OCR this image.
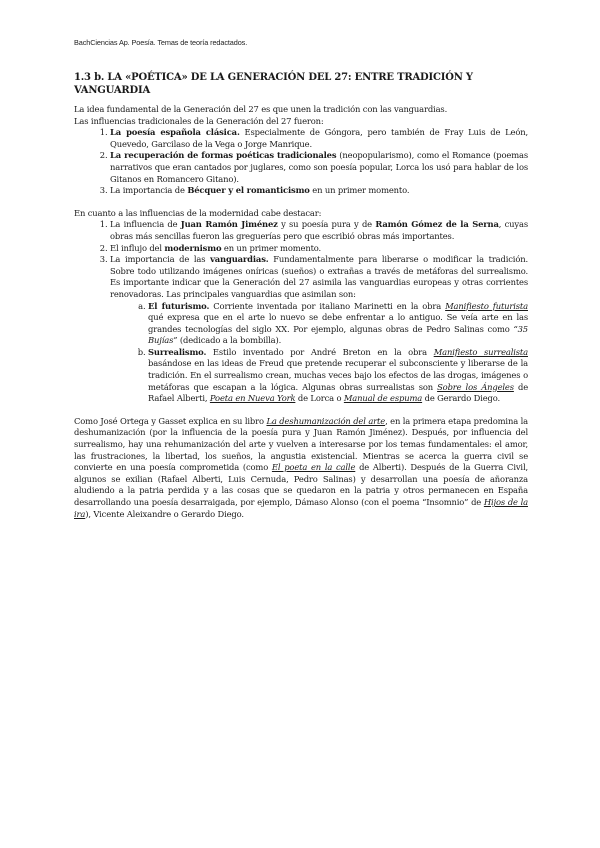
BachCiencias Ap. Poesía. Temas de teoría redactados.
1.3 b. LA «POÉTICA» DE LA GENERACIÓN DEL 27: ENTRE TRADICIÓN Y VANGUARDIA

La idea fundamental de la Generación del 27 es que unen la tradición con las vanguardias.

Las influencias tradicionales de la Generación del 27 fueron:

1. La poesía española clásica. Especialmente de Góngora, pero también de Fray Luis de León, Quevedo, Garcilaso de la Vega o Jorge Manrique.
2. La recuperación de formas poéticas tradicionales (neopopularismo), como el Romance (poemas narrativos que eran cantados por juglares, como son poesía popular, Lorca los usó para hablar de los Gitanos en Romancero Gitano).
3. La importancia de Bécquer y el romanticismo en un primer momento.

En cuanto a las influencias de la modernidad cabe destacar:

1. La influencia de Juan Ramón Jiménez y su poesía pura y de Ramón Gómez de la Serna, cuyas obras más sencillas fueron las greguerías pero que escribió obras más importantes.
2. El influjo del modernismo en un primer momento.
3. La importancia de las vanguardias. Fundamentalmente para liberarse o modificar la tradición. Sobre todo utilizando imágenes oníricas (sueños) o extrañas a través de metáforas del surrealismo. Es importante indicar que la Generación del 27 asimila las vanguardias europeas y otras corrientes renovadoras. Las principales vanguardias que asimilan son:
a. El futurismo. Corriente inventada por italiano Marinetti en la obra Manifiesto futurista qué expresa que en el arte lo nuevo se debe enfrentar a lo antiguo. Se veía arte en las grandes tecnologías del siglo XX. Por ejemplo, algunas obras de Pedro Salinas como “35 Bujías” (dedicado a la bombilla).
b. Surrealismo. Estilo inventado por André Breton en la obra Manifiesto surrealista basándose en las ideas de Freud que pretende recuperar el subconsciente y liberarse de la tradición. En el surrealismo crean, muchas veces bajo los efectos de las drogas, imágenes o metáforas que escapan a la lógica. Algunas obras surrealistas son Sobre los Ángeles de Rafael Alberti, Poeta en Nueva York de Lorca o Manual de espuma de Gerardo Diego.

Como José Ortega y Gasset explica en su libro La deshumanización del arte, en la primera etapa predomina la deshumanización (por la influencia de la poesía pura y Juan Ramón Jiménez). Después, por influencia del surrealismo, hay una rehumanización del arte y vuelven a interesarse por los temas fundamentales: el amor, las frustraciones, la libertad, los sueños, la angustia existencial. Mientras se acerca la guerra civil se convierte en una poesía comprometida (como El poeta en la calle de Alberti). Después de la Guerra Civil, algunos se exilian (Rafael Alberti, Luis Cernuda, Pedro Salinas) y desarrollan una poesía de añoranza aludiendo a la patria perdida y a las cosas que se quedaron en la patria y otros permanecen en España desarrollando una poesía desarraigada, por ejemplo, Dámaso Alonso (con el poema “Insomnio” de Hijos de la ira), Vicente Aleixandre o Gerardo Diego.
